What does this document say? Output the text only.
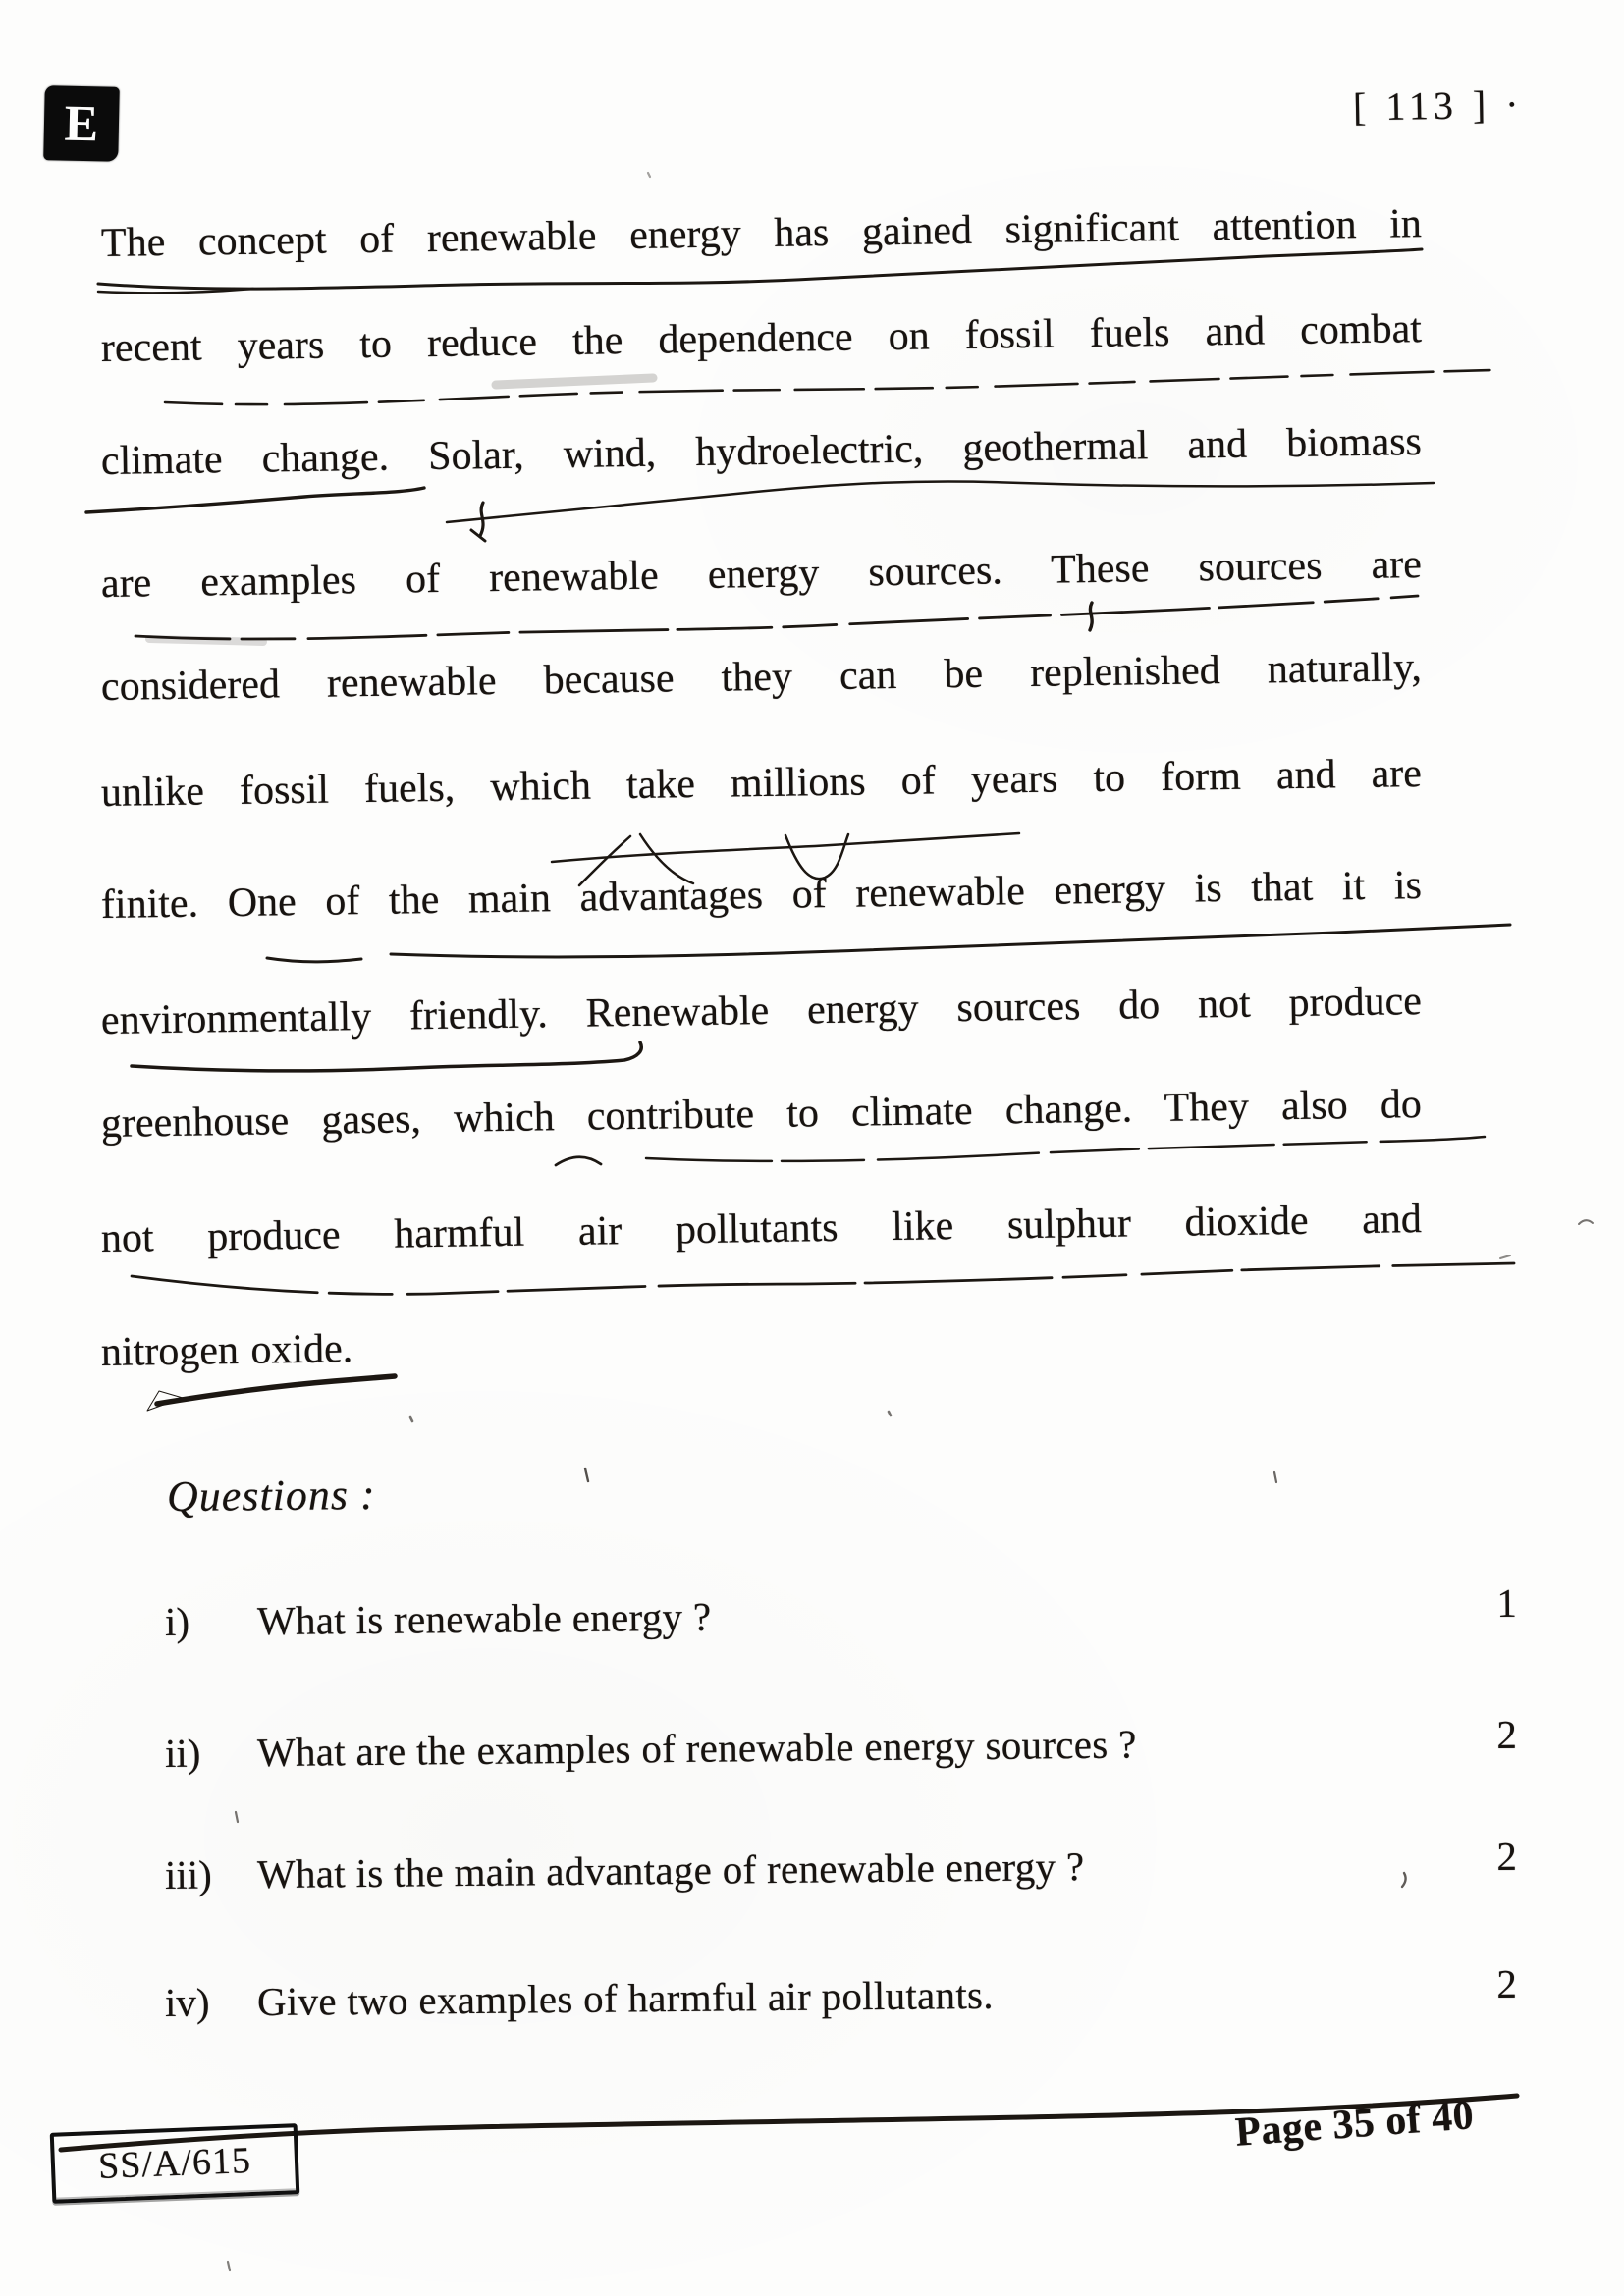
E	[ 113 ] ·
The concept of renewable energy has gained significant attention in
recent years to reduce the dependence on fossil fuels and combat
climate change. Solar, wind, hydroelectric, geothermal and biomass
are examples of renewable energy sources. These sources are
considered renewable because they can be replenished naturally,
unlike fossil fuels, which take millions of years to form and are
finite. One of the main advantages of renewable energy is that it is
environmentally friendly. Renewable energy sources do not produce
greenhouse gases, which contribute to climate change. They also do
not produce harmful air pollutants like sulphur dioxide and
nitrogen oxide.
Questions :
i) What is renewable energy ?	1
ii) What are the examples of renewable energy sources ?	2
iii) What is the main advantage of renewable energy ?	2
iv) Give two examples of harmful air pollutants.	2
SS/A/615
Page 35 of 40
